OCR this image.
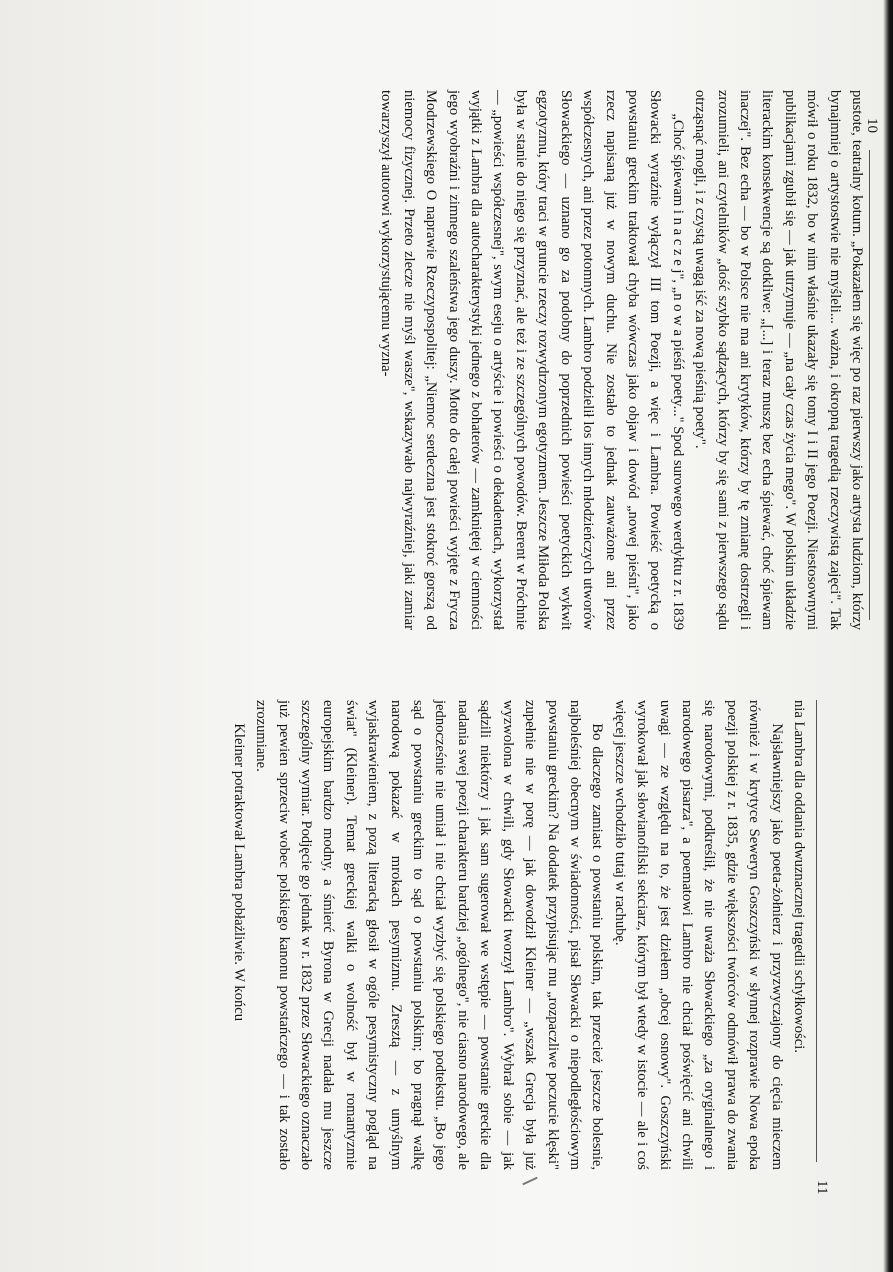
10

pustote, teatralny koturn. „Pokazałem się więc po raz pierwszy jako artysta ludziom, którzy bynajmniej o artystostwie nie myśleli... ważna, i okropną tragedią rzeczywistą zajęci". Tak mówił o roku 1832, bo w nim właśnie ukazały się tomy I i II jego Poezji. Niestosownymi publikacjami zgubił się — jak utrzymuje — „na cały czas życia mego". W polskim układzie literackim konsekwencje są dotkliwe: „[...] i teraz muszę bez echa śpiewać, choć śpiewam inaczej". Bez echa — bo w Polsce nie ma ani krytyków, którzy by tę zmianę dostrzegli i zrozumieli, ani czytelników „dość szybko sądzących, którzy by się sami z pierwszego sądu otrząsnąć mogli, i z czystą uwagą iść za nową pieśnią poety".

„Choć śpiewam i n a c z e j", „n o w a pieśń poety..." Spod surowego werdyktu z r. 1839 Słowacki wyraźnie wyłączył III tom Poezji, a więc i Lambra. Powieść poetycką o powstaniu greckim traktował chyba wówczas jako objaw i dowód „nowej pieśni", jako rzecz napisaną już w nowym duchu. Nie zostało to jednak zauważone ani przez współczesnych, ani przez potomnych. Lambro podzielił los innych młodzieńczych utworów Słowackiego — uznano go za podobny do poprzednich powieści poetyckich wykwit egzotyzmu, który traci w gruncie rzeczy rozwydrzonym egotyzmem. Jeszcze Miłoda Polska była w stanie do niego się przyznać, ale też i ze szczególnych powodów. Berent w Próchnie — „powieści współczesnej", swym eseju o artyście i powieści o dekadentach, wykorzystał wyjątki z Lambra dla autocharakterystyki jednego z bohaterów — zamkniętej w ciemności jego wyobraźni i zimnego szaleństwa jego duszy. Motto do całej powieści wyjęte z Fryczа Modrzewskiego O naprawie Rzeczypospolitej: „Niemoc serdeczna jest stokroć gorszą od niemocy fizycznej. Przeto zlecze nie myśl wasze", wskazywało najwyraźniej, jaki zamiar towarzyszył autorowi wykorzystującemu wyzna-

11

nia Lambra dla oddania dwuznacznej tragedii schyłkowości.

Najsławniejszy jako poeta-żołnierz i przyzwyczajony do cięcia mieczem również i w krytyce Seweryn Goszczyński w słynnej rozprawie Nowa epoka poezji polskiej z r. 1835, gdzie większości twórców odmówił prawa do zwania się narodowymi, podkreślił, że nie uważa Słowackiego „za oryginalnego i narodowego pisarza", a poematowi Lambro nie chciał poświęcić ani chwili uwagi — ze względu na to, że jest dziełem „obcej osnowy". Goszczyński wyrokował jak słowianofilski sekciarz, którym był wtedy w istocie — ale i coś więcej jeszcze wchodziło tutaj w rachubę.

Bo dlaczego zamiast o powstaniu polskim, tak przecież jeszcze bolesnie, najboleśniej obecnym w świadomości, pisał Słowacki o niepodległościowym powstaniu greckim? Na dodatek przypisując mu „rozpaczliwe poczucie klęski" zupełnie nie w porę — jak dowodził Kleiner — „wszak Grecja była już wyzwolona w chwili, gdy Słowacki tworzył Lambro". Wybrał sobie — jak sądzili niektórzy i jak sam sugerował we wstępie — powstanie greckie dla nadania swej poezji charakteru bardziej „ogólnego", nie ciasno narodowego, ale jednocześnie nie umiał i nie chciał wyzbyć się polskiego podtekstu. „Bo jego sąd o powstaniu greckim to sąd o powstaniu polskim; bo pragnął walkę narodową pokazać w mrokach pesymizmu. Zresztą — z umyślnym wyjaskrawieniem, z pozą literacką głosił w ogóle pesymistyczny pogląd na świat" (Kleiner). Temat greckiej walki o wolność był w romantyzmie europejskim bardzo modny, a śmierć Byrona w Grecji nadała mu jeszcze szczególny wymiar. Podjęcie go jednak w r. 1832 przez Słowackiego oznaczało już pewien sprzeciw wobec polskiego kanonu powstańczego — i tak zostało zrozumiane.

Kleiner potraktował Lambra pobłażliwie. W końcu
